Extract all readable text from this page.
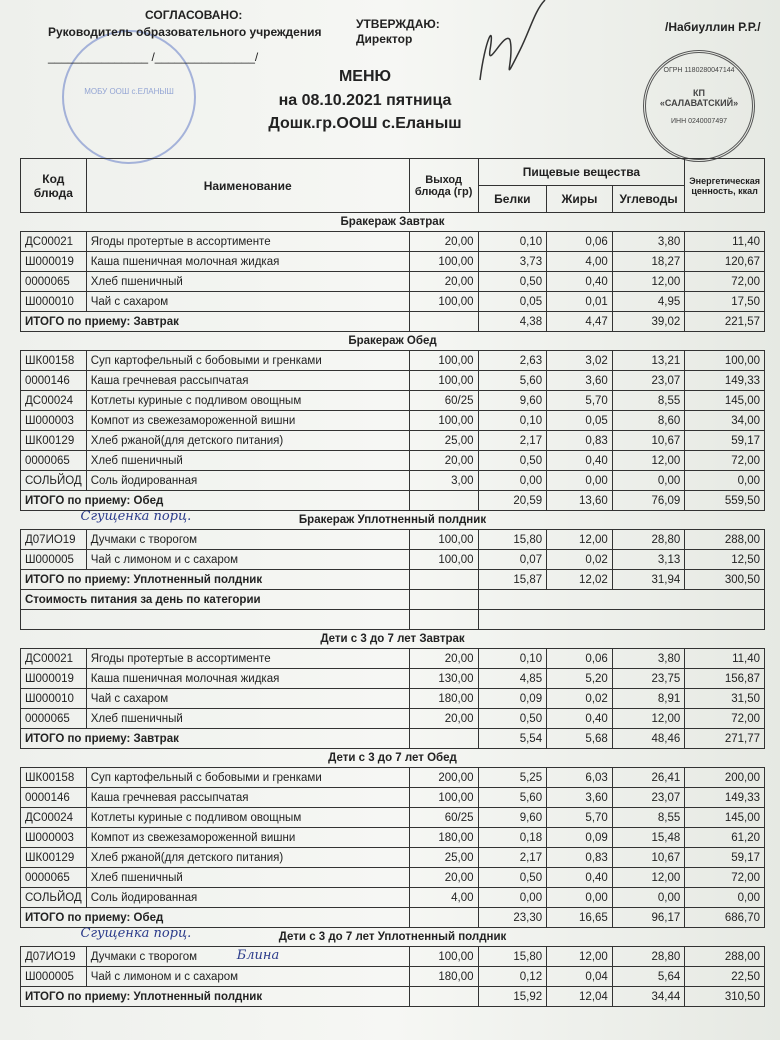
МОБУ ООШ с.ЕЛАНЫШ
СОГЛАСОВАНО:
Руководитель образовательного учреждения
_______________ /_______________/
УТВЕРЖДАЮ:
Директор
/Набиуллин Р.Р./
ОГРН 1180280047144
КП «САЛАВАТСКИЙ»
ИНН 0240007497
МЕНЮ
на 08.10.2021 пятница
Дошк.гр.ООШ с.Еланыш
Код блюда	Наименование	Выход блюда (гр)	Пищевые вещества			Энергетическая ценность, ккал
			Белки	Жиры	Углеводы	
Бракераж Завтрак						
ДС00021	Ягоды протертые в ассортименте	20,00	0,10	0,06	3,80	11,40
Ш000019	Каша пшеничная молочная жидкая	100,00	3,73	4,00	18,27	120,67
0000065	Хлеб пшеничный	20,00	0,50	0,40	12,00	72,00
Ш000010	Чай с сахаром	100,00	0,05	0,01	4,95	17,50
ИТОГО по приему: Завтрак			4,38	4,47	39,02	221,57
Бракераж Обед						
ШК00158	Суп картофельный с бобовыми и гренками	100,00	2,63	3,02	13,21	100,00
0000146	Каша гречневая рассыпчатая	100,00	5,60	3,60	23,07	149,33
ДС00024	Котлеты куриные с подливом овощным	60/25	9,60	5,70	8,55	145,00
Ш000003	Компот из свежезамороженной вишни	100,00	0,10	0,05	8,60	34,00
ШК00129	Хлеб ржаной(для детского питания)	25,00	2,17	0,83	10,67	59,17
0000065	Хлеб пшеничный	20,00	0,50	0,40	12,00	72,00
СОЛЬЙОД	Соль йодированная	3,00	0,00	0,00	0,00	0,00
ИТОГО по приему: Обед			20,59	13,60	76,09	559,50
Бракераж Уплотненный полдник
Сгущенка порц.						

Д07ИО19	Дучмаки с творогом	100,00	15,80	12,00	28,80	288,00
Ш000005	Чай с лимоном и с сахаром	100,00	0,07	0,02	3,13	12,50
ИТОГО по приему: Уплотненный полдник			15,87	12,02	31,94	300,50
Стоимость питания за день по категории						

Дети с 3 до 7 лет Завтрак						
ДС00021	Ягоды протертые в ассортименте	20,00	0,10	0,06	3,80	11,40
Ш000019	Каша пшеничная молочная жидкая	130,00	4,85	5,20	23,75	156,87
Ш000010	Чай с сахаром	180,00	0,09	0,02	8,91	31,50
0000065	Хлеб пшеничный	20,00	0,50	0,40	12,00	72,00
ИТОГО по приему: Завтрак			5,54	5,68	48,46	271,77
Дети с 3 до 7 лет Обед						
ШК00158	Суп картофельный с бобовыми и гренками	200,00	5,25	6,03	26,41	200,00
0000146	Каша гречневая рассыпчатая	100,00	5,60	3,60	23,07	149,33
ДС00024	Котлеты куриные с подливом овощным	60/25	9,60	5,70	8,55	145,00
Ш000003	Компот из свежезамороженной вишни	180,00	0,18	0,09	15,48	61,20
ШК00129	Хлеб ржаной(для детского питания)	25,00	2,17	0,83	10,67	59,17
0000065	Хлеб пшеничный	20,00	0,50	0,40	12,00	72,00
СОЛЬЙОД	Соль йодированная	4,00	0,00	0,00	0,00	0,00
ИТОГО по приему: Обед			23,30	16,65	96,17	686,70
Дети с 3 до 7 лет Уплотненный полдник
Сгущенка порц.						

Д07ИО19	Дучмаки с творогом Блина	100,00	15,80	12,00	28,80	288,00
Ш000005	Чай с лимоном и с сахаром	180,00	0,12	0,04	5,64	22,50
ИТОГО по приему: Уплотненный полдник			15,92	12,04	34,44	310,50
